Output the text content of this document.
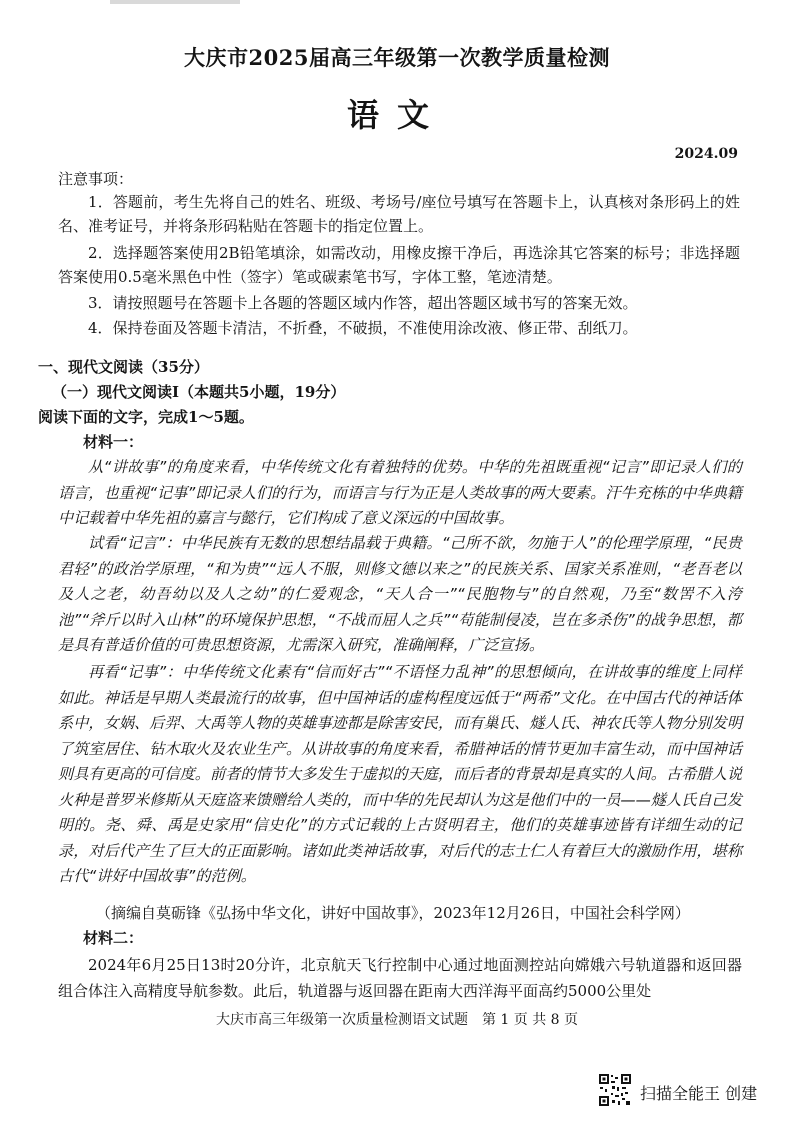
大庆市2025届高三年级第一次教学质量检测
语文
2024.09
注意事项：

1．答题前，考生先将自己的姓名、班级、考场号/座位号填写在答题卡上，认真核对条形码上的姓名、准考证号，并将条形码粘贴在答题卡的指定位置上。

2．选择题答案使用2B铅笔填涂，如需改动，用橡皮擦干净后，再选涂其它答案的标号；非选择题答案使用0.5毫米黑色中性（签字）笔或碳素笔书写，字体工整，笔迹清楚。

3．请按照题号在答题卡上各题的答题区域内作答，超出答题区域书写的答案无效。

4．保持卷面及答题卡清洁，不折叠，不破损，不准使用涂改液、修正带、刮纸刀。

一、现代文阅读（35分）
（一）现代文阅读Ⅰ（本题共5小题，19分）
阅读下面的文字，完成1～5题。
材料一：

从“讲故事”的角度来看，中华传统文化有着独特的优势。中华的先祖既重视“记言”即记录人们的语言，也重视“记事”即记录人们的行为，而语言与行为正是人类故事的两大要素。汗牛充栋的中华典籍中记载着中华先祖的嘉言与懿行，它们构成了意义深远的中国故事。

试看“记言”：中华民族有无数的思想结晶载于典籍。“己所不欲，勿施于人”的伦理学原理，“民贵君轻”的政治学原理，“和为贵”“远人不服，则修文德以来之”的民族关系、国家关系准则，“老吾老以及人之老，幼吾幼以及人之幼”的仁爱观念，“天人合一”“民胞物与”的自然观，乃至“数罟不入洿池”“斧斤以时入山林”的环境保护思想，“不战而屈人之兵”“苟能制侵凌，岂在多杀伤”的战争思想，都是具有普适价值的可贵思想资源，尤需深入研究，准确阐释，广泛宣扬。

再看“记事”：中华传统文化素有“信而好古”“不语怪力乱神”的思想倾向，在讲故事的维度上同样如此。神话是早期人类最流行的故事，但中国神话的虚构程度远低于“两希”文化。在中国古代的神话体系中，女娲、后羿、大禹等人物的英雄事迹都是除害安民，而有巢氏、燧人氏、神农氏等人物分别发明了筑室居住、钻木取火及农业生产。从讲故事的角度来看，希腊神话的情节更加丰富生动，而中国神话则具有更高的可信度。前者的情节大多发生于虚拟的天庭，而后者的背景却是真实的人间。古希腊人说火种是普罗米修斯从天庭盗来馈赠给人类的，而中华的先民却认为这是他们中的一员——燧人氏自己发明的。尧、舜、禹是史家用“信史化”的方式记载的上古贤明君主，他们的英雄事迹皆有详细生动的记录，对后代产生了巨大的正面影响。诸如此类神话故事，对后代的志士仁人有着巨大的激励作用，堪称古代“讲好中国故事”的范例。

（摘编自莫砺锋《弘扬中华文化，讲好中国故事》，2023年12月26日，中国社会科学网）
材料二：

2024年6月25日13时20分许，北京航天飞行控制中心通过地面测控站向嫦娥六号轨道器和返回器组合体注入高精度导航参数。此后，轨道器与返回器在距南大西洋海平面高约5000公里处

大庆市高三年级第一次质量检测语文试题　第 1 页 共 8 页
扫描全能王 创建
